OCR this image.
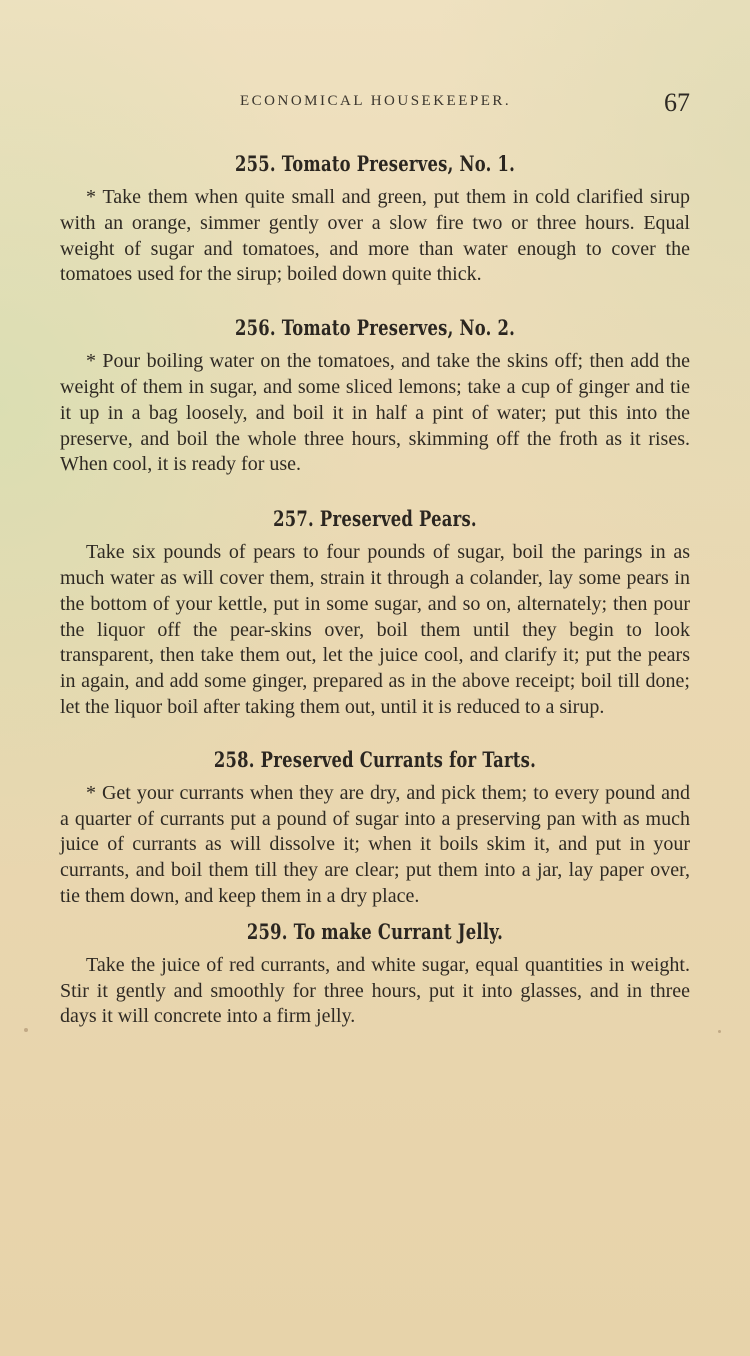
ECONOMICAL HOUSEKEEPER.	67
255. Tomato Preserves, No. 1.

* Take them when quite small and green, put them in cold clarified sirup with an orange, simmer gently over a slow fire two or three hours. Equal weight of sugar and tomatoes, and more than water enough to cover the tomatoes used for the sirup; boiled down quite thick.

256. Tomato Preserves, No. 2.

* Pour boiling water on the tomatoes, and take the skins off; then add the weight of them in sugar, and some sliced lemons; take a cup of ginger and tie it up in a bag loosely, and boil it in half a pint of water; put this into the preserve, and boil the whole three hours, skimming off the froth as it rises. When cool, it is ready for use.

257. Preserved Pears.

Take six pounds of pears to four pounds of sugar, boil the parings in as much water as will cover them, strain it through a colander, lay some pears in the bottom of your kettle, put in some sugar, and so on, alternately; then pour the liquor off the pear-skins over, boil them until they begin to look transparent, then take them out, let the juice cool, and clarify it; put the pears in again, and add some ginger, prepared as in the above receipt; boil till done; let the liquor boil after taking them out, until it is reduced to a sirup.

258. Preserved Currants for Tarts.

* Get your currants when they are dry, and pick them; to every pound and a quarter of currants put a pound of sugar into a preserving pan with as much juice of currants as will dissolve it; when it boils skim it, and put in your currants, and boil them till they are clear; put them into a jar, lay paper over, tie them down, and keep them in a dry place.

259. To make Currant Jelly.

Take the juice of red currants, and white sugar, equal quantities in weight. Stir it gently and smoothly for three hours, put it into glasses, and in three days it will concrete into a firm jelly.
